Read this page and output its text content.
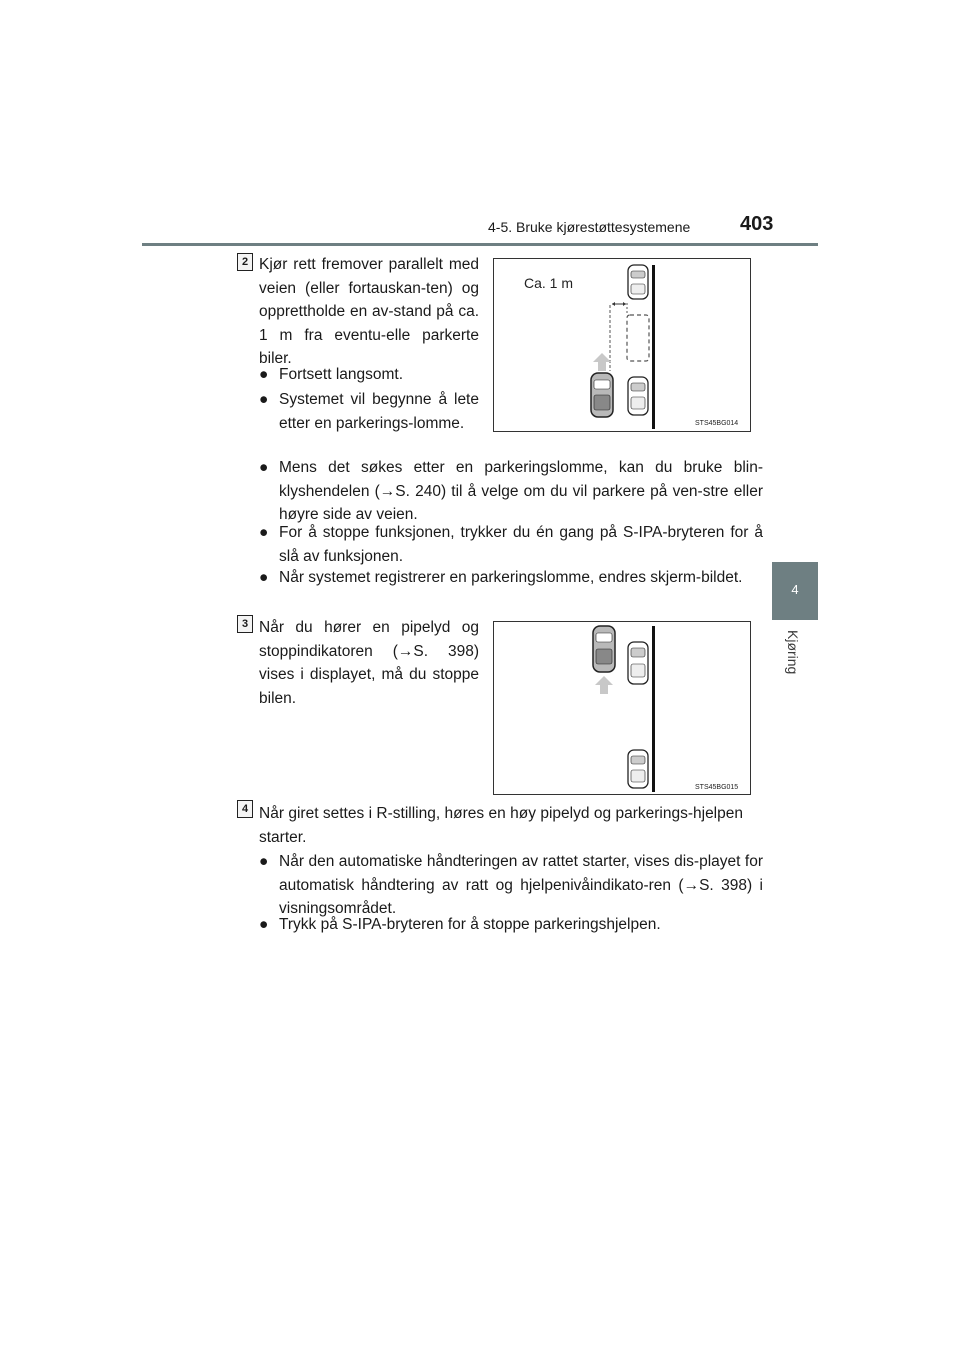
4-5. Bruke kjørestøttesystemene 403
4
Kjøring
2 Kjør rett fremover parallelt med veien (eller fortauskan-ten) og opprettholde en av-stand på ca. 1 m fra eventu-elle parkerte biler.
● Fortsett langsomt.
● Systemet vil begynne å lete etter en parkerings-lomme.
Ca. 1 m
STS45BG014
● Mens det søkes etter en parkeringslomme, kan du bruke blin-klyshendelen (→S. 240) til å velge om du vil parkere på ven-stre eller høyre side av veien.
● For å stoppe funksjonen, trykker du én gang på S-IPA-bryteren for å slå av funksjonen.
● Når systemet registrerer en parkeringslomme, endres skjerm-bildet.
3 Når du hører en pipelyd og stoppindikatoren (→S. 398) vises i displayet, må du stoppe bilen.
STS45BG015
4 Når giret settes i R-stilling, høres en høy pipelyd og parkerings-hjelpen starter.
● Når den automatiske håndteringen av rattet starter, vises dis-playet for automatisk håndtering av ratt og hjelpenivåindikato-ren (→S. 398) i visningsområdet.
● Trykk på S-IPA-bryteren for å stoppe parkeringshjelpen.
